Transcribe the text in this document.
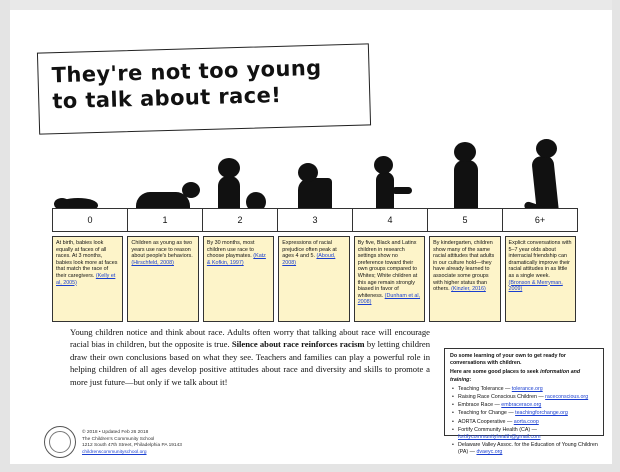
They're not too young
to talk about race!
0	1	2	3	4	5	6+
At birth, babies look equally at faces of all races. At 3 months, babies look more at faces that match the race of their caregivers. (Kelly et al, 2005)
Children as young as two years use race to reason about people's behaviors. (Hirschfeld, 2008)
By 30 months, most children use race to choose playmates. (Katz & Kofkin, 1997)
Expressions of racial prejudice often peak at ages 4 and 5. (Aboud, 2008)
By five, Black and Latinx children in research settings show no preference toward their own groups compared to Whites; White children at this age remain strongly biased in favor of whiteness. (Dunham et al, 2008)
By kindergarten, children show many of the same racial attitudes that adults in our culture hold—they have already learned to associate some groups with higher status than others. (Kinzler, 2016)
Explicit conversations with 5–7 year olds about interracial friendship can dramatically improve their racial attitudes in as little as a single week. (Bronson & Merryman, 2009)
Young children notice and think about race. Adults often worry that talking about race will encourage racial bias in children, but the opposite is true. Silence about race reinforces racism by letting children draw their own conclusions based on what they see. Teachers and families can play a powerful role in helping children of all ages develop positive attitudes about race and diversity and skills to promote a more just future—but only if we talk about it!
Do some learning of your own to get ready for conversations with children.
Here are some good places to seek information and training:
• Teaching Tolerance — tolerance.org
• Raising Race Conscious Children — raceconscious.org
• Embrace Race — embracerace.org
• Teaching for Change — teachingforchange.org
• AORTA Cooperative — aorta.coop
• Fortify Community Health (CA) — fortifycommunityhealth@gmail.com
• Delaware Valley Assoc. for the Education of Young Children (PA) — dvaeyc.org
© 2018 • Updated Feb 26 2018
The Children's Community School
1212 South 47th Street, Philadelphia PA 19143
childrenscommunityschool.org
